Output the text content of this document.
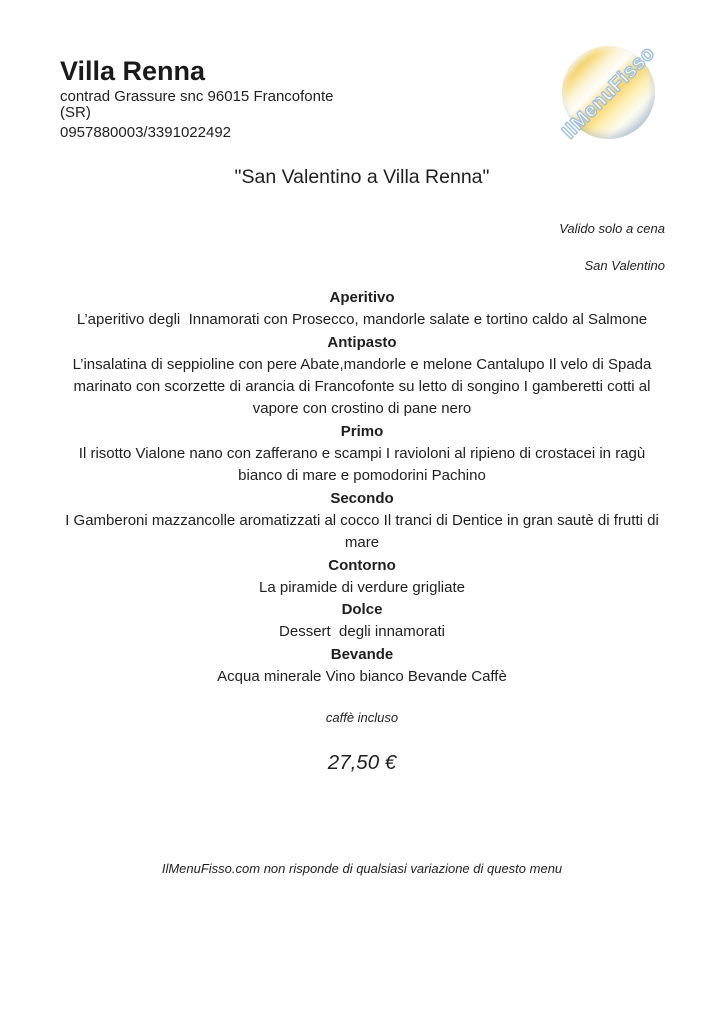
IlMenuFisso
Villa Renna
contrad Grassure snc 96015 Francofonte (SR)
0957880003/3391022492
"San Valentino a Villa Renna"
Valido solo a cena
San Valentino
Aperitivo
L’aperitivo degli  Innamorati con Prosecco, mandorle salate e tortino caldo al Salmone
Antipasto
L’insalatina di seppioline con pere Abate,mandorle e melone Cantalupo Il velo di Spada marinato con scorzette di arancia di Francofonte su letto di songino I gamberetti cotti al vapore con crostino di pane nero
Primo
Il risotto Vialone nano con zafferano e scampi I ravioloni al ripieno di crostacei in ragù bianco di mare e pomodorini Pachino
Secondo
I Gamberoni mazzancolle aromatizzati al cocco Il tranci di Dentice in gran sautè di frutti di mare
Contorno
La piramide di verdure grigliate
Dolce
Dessert  degli innamorati
Bevande
Acqua minerale Vino bianco Bevande Caffè
caffè incluso
27,50 €
IlMenuFisso.com non risponde di qualsiasi variazione di questo menu
